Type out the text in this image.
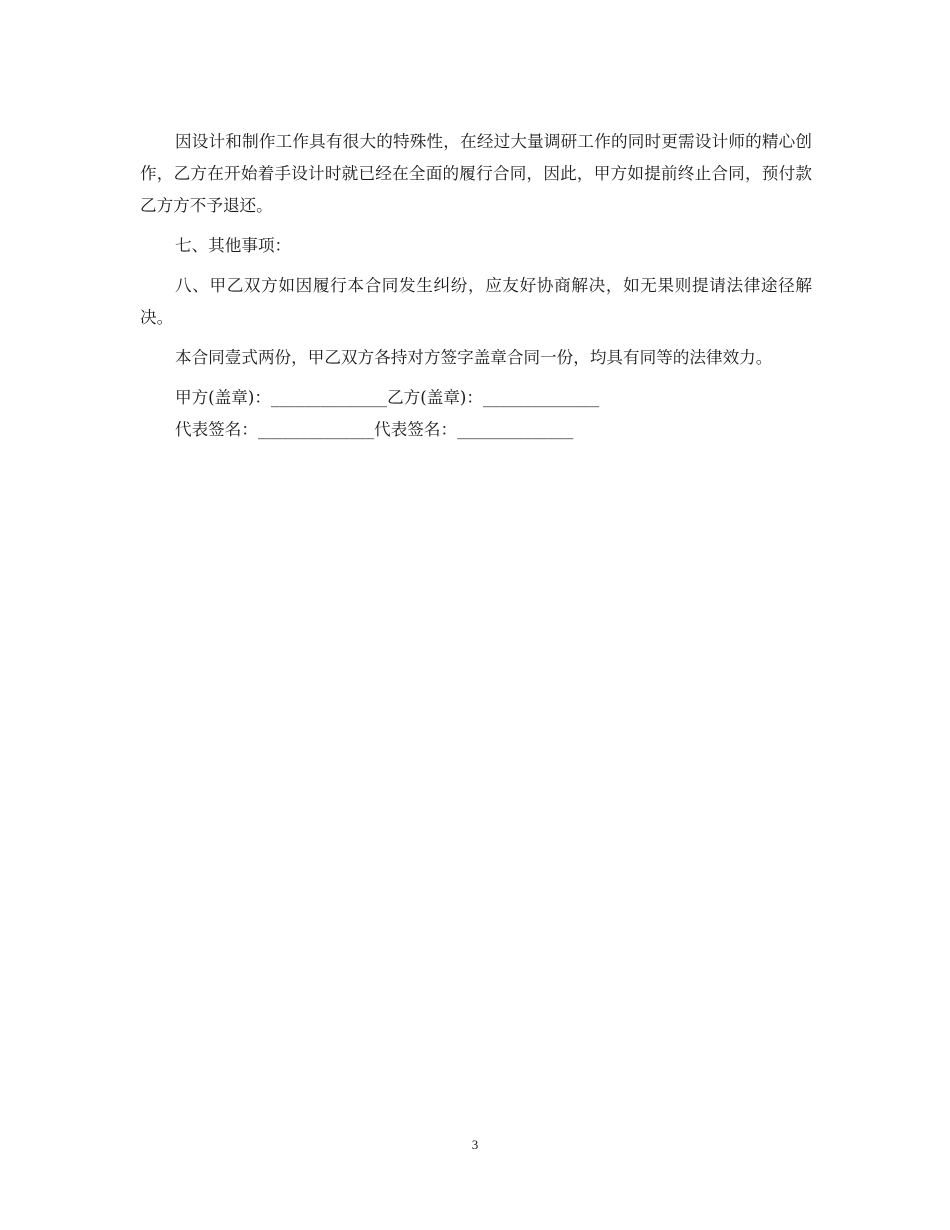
因设计和制作工作具有很大的特殊性，在经过大量调研工作的同时更需设计师的精心创作，乙方在开始着手设计时就已经在全面的履行合同，因此，甲方如提前终止合同，预付款乙方方不予退还。

七、其他事项：

八、甲乙双方如因履行本合同发生纠纷，应友好协商解决，如无果则提请法律途径解决。

本合同壹式两份，甲乙双方各持对方签字盖章合同一份，均具有同等的法律效力。

甲方(盖章)：______________乙方(盖章)：______________

代表签名：______________代表签名：______________

3
